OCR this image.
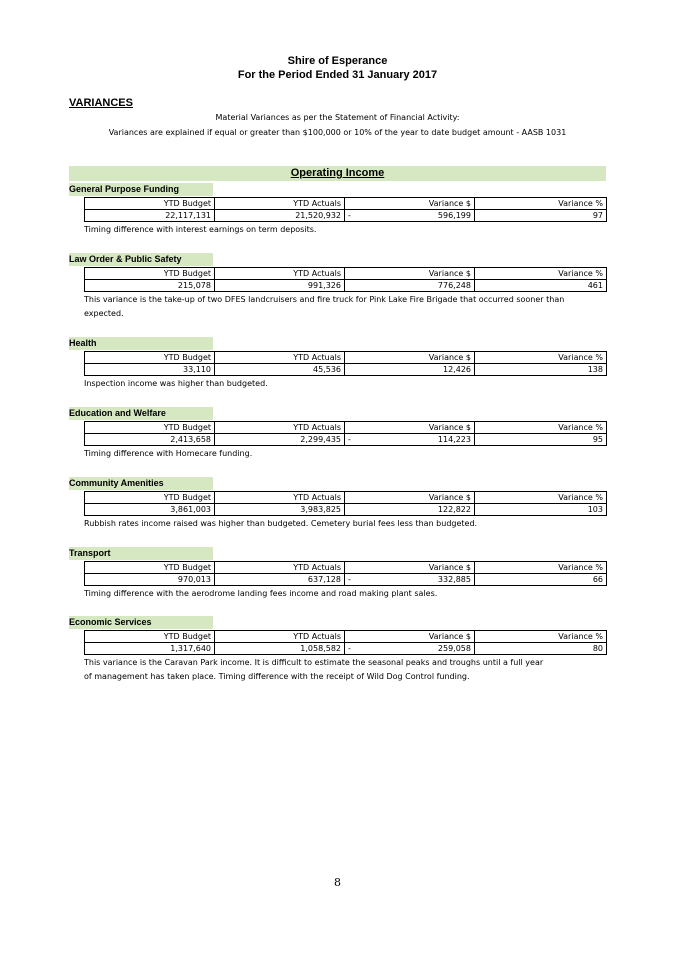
Shire of Esperance
For the Period Ended 31 January 2017
VARIANCES
Material Variances as per the Statement of Financial Activity:
Variances are explained if equal or greater than $100,000 or 10% of the year to date budget amount - AASB 1031
Operating Income
General Purpose Funding
YTD Budget	YTD Actuals	Variance $	Variance %
22,117,131	21,520,932	- 596,199	97
Timing difference with interest earnings on term deposits.
Law Order & Public Safety
YTD Budget	YTD Actuals	Variance $	Variance %
215,078	991,326	776,248	461
This variance is the take-up of two DFES landcruisers and fire truck for Pink Lake Fire Brigade that occurred sooner than
expected.
Health
YTD Budget	YTD Actuals	Variance $	Variance %
33,110	45,536	12,426	138
Inspection income was higher than budgeted.
Education and Welfare
YTD Budget	YTD Actuals	Variance $	Variance %
2,413,658	2,299,435	- 114,223	95
Timing difference with Homecare funding.
Community Amenities
YTD Budget	YTD Actuals	Variance $	Variance %
3,861,003	3,983,825	122,822	103
Rubbish rates income raised was higher than budgeted. Cemetery burial fees less than budgeted.
Transport
YTD Budget	YTD Actuals	Variance $	Variance %
970,013	637,128	- 332,885	66
Timing difference with the aerodrome landing fees income and road making plant sales.
Economic Services
YTD Budget	YTD Actuals	Variance $	Variance %
1,317,640	1,058,582	- 259,058	80
This variance is the Caravan Park income. It is difficult to estimate the seasonal peaks and troughs until a full year
of management has taken place. Timing difference with the receipt of Wild Dog Control funding.
8
